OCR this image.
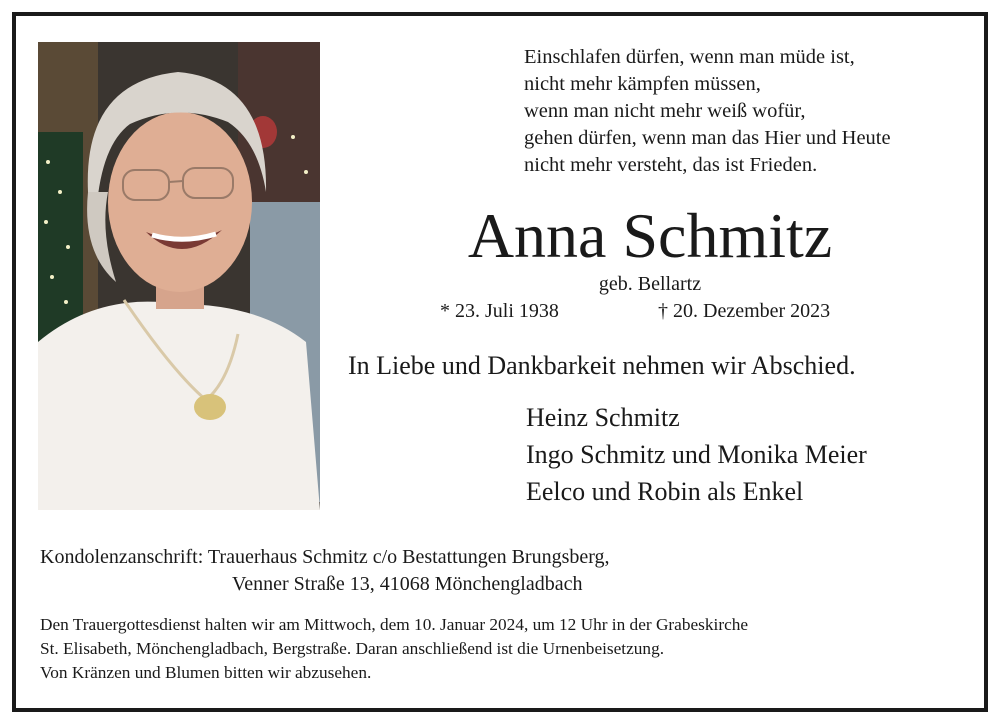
Einschlafen dürfen, wenn man müde ist,
nicht mehr kämpfen müssen,
wenn man nicht mehr weiß wofür,
gehen dürfen, wenn man das Hier und Heute
nicht mehr versteht, das ist Frieden.
Anna Schmitz
geb. Bellartz
* 23. Juli 1938	† 20. Dezember 2023
In Liebe und Dankbarkeit nehmen wir Abschied.
Heinz Schmitz
Ingo Schmitz und Monika Meier
Eelco und Robin als Enkel
Kondolenzanschrift: Trauerhaus Schmitz c/o Bestattungen Brungsberg,
Venner Straße 13, 41068 Mönchengladbach
Den Trauergottesdienst halten wir am Mittwoch, dem 10. Januar 2024, um 12 Uhr in der Grabeskirche
St. Elisabeth, Mönchengladbach, Bergstraße. Daran anschließend ist die Urnenbeisetzung.
Von Kränzen und Blumen bitten wir abzusehen.
